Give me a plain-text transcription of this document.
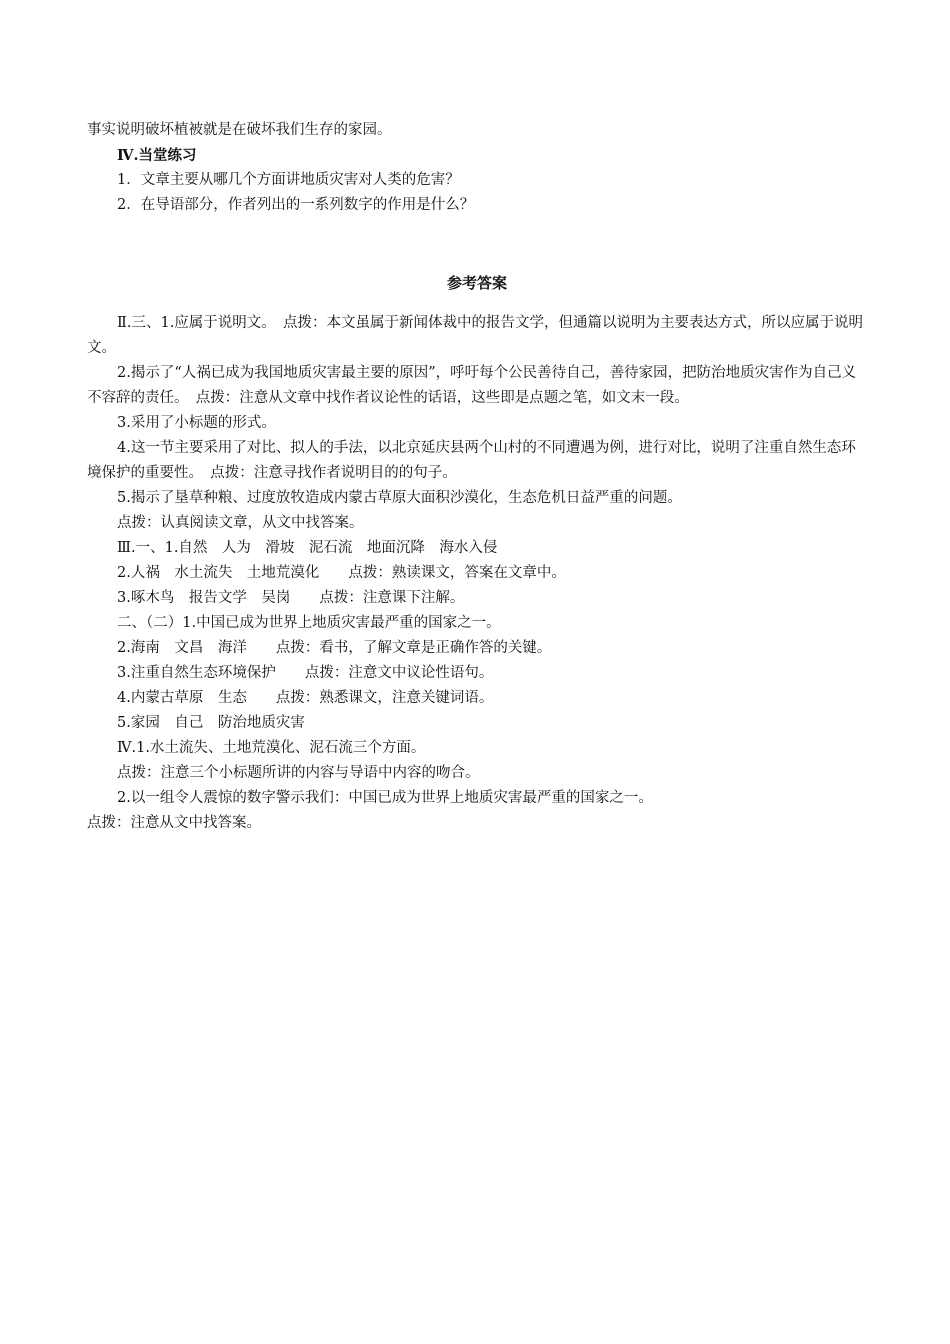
事实说明破坏植被就是在破坏我们生存的家园。

Ⅳ.当堂练习

1．文章主要从哪几个方面讲地质灾害对人类的危害？

2．在导语部分，作者列出的一系列数字的作用是什么？

参考答案

Ⅱ.三、1.应属于说明文。　点拨：本文虽属于新闻体裁中的报告文学，但通篇以说明为主要表达方式，所以应属于说明文。

2.揭示了“人祸已成为我国地质灾害最主要的原因”，呼吁每个公民善待自己，善待家园，把防治地质灾害作为自己义不容辞的责任。　点拨：注意从文章中找作者议论性的话语，这些即是点题之笔，如文末一段。

3.采用了小标题的形式。

4.这一节主要采用了对比、拟人的手法，以北京延庆县两个山村的不同遭遇为例，进行对比，说明了注重自然生态环境保护的重要性。　点拨：注意寻找作者说明目的的句子。

5.揭示了垦草种粮、过度放牧造成内蒙古草原大面积沙漠化，生态危机日益严重的问题。

点拨：认真阅读文章，从文中找答案。

Ⅲ.一、1.自然　人为　滑坡　泥石流　地面沉降　海水入侵

2.人祸　水土流失　土地荒漠化　　点拨：熟读课文，答案在文章中。

3.啄木鸟　报告文学　吴岗　　点拨：注意课下注解。

二、（二）1.中国已成为世界上地质灾害最严重的国家之一。

2.海南　文昌　海洋　　点拨：看书，了解文章是正确作答的关键。

3.注重自然生态环境保护　　点拨：注意文中议论性语句。

4.内蒙古草原　生态　　点拨：熟悉课文，注意关键词语。

5.家园　自己　防治地质灾害

Ⅳ.1.水土流失、土地荒漠化、泥石流三个方面。

点拨：注意三个小标题所讲的内容与导语中内容的吻合。

2.以一组令人震惊的数字警示我们：中国已成为世界上地质灾害最严重的国家之一。

点拨：注意从文中找答案。
